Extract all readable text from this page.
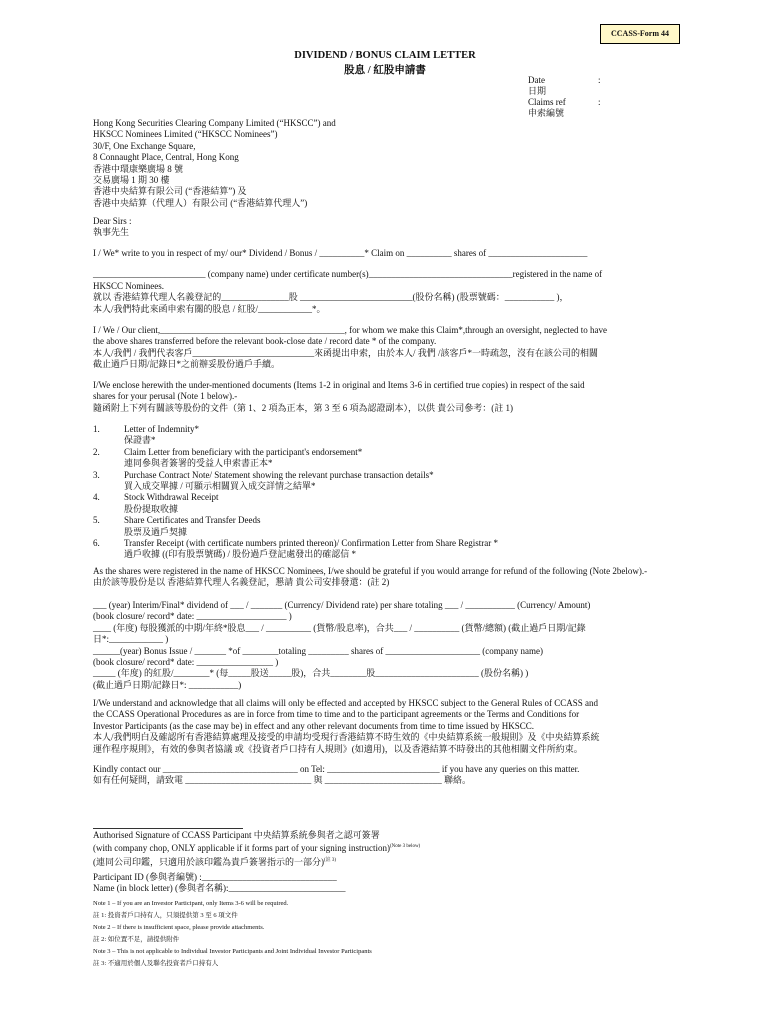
CCASS-Form 44
DIVIDEND / BONUS CLAIM LETTER
股息 / 紅股申請書
Date	:
日期
Claims ref	:
申索編號
Hong Kong Securities Clearing Company Limited (“HKSCC”) and
HKSCC Nominees Limited (“HKSCC Nominees”)
30/F, One Exchange Square,
8 Connaught Place, Central, Hong Kong
香港中環康樂廣場 8 號
交易廣場 1 期 30 樓
香港中央結算有限公司 (“香港結算”) 及
香港中央結算（代理人）有限公司 (“香港結算代理人”)
Dear Sirs :
執事先生
I / We* write to you in respect of my/ our* Dividend / Bonus / __________* Claim on __________ shares of ______________________
_________________________ (company name) under certificate number(s)________________________________registered in the name of
HKSCC Nominees.
就以 香港結算代理人名義登記的_______________股 _________________________(股份名稱) (股票號碼：___________ )，
本人/我們特此來函申索有關的股息 / 紅股/____________*。
I / We / Our client,_________________________________________, for whom we make this Claim*,through an oversight, neglected to have
the above shares transferred before the relevant book-close date / record date * of the company.
本人/我們 / 我們代表客戶___________________________來函提出申索，由於本人/ 我們 /該客戶*一時疏忽，沒有在該公司的相關
截止過戶日期/記錄日*之前辦妥股份過戶手續。
I/We enclose herewith the under-mentioned documents (Items 1-2 in original and Items 3-6 in certified true copies) in respect of the said
shares for your perusal (Note 1 below).-
隨函附上下列有關該等股份的文件（第 1、2 項為正本，第 3 至 6 項為認證副本），以供 貴公司參考：(註 1)
1.	Letter of Indemnity*
保證書*
2.	Claim Letter from beneficiary with the participant's endorsement*
連同參與者簽署的受益人申索書正本*
3.	Purchase Contract Note/ Statement showing the relevant purchase transaction details*
買入成交單據 / 可顯示相關買入成交詳情之結單*
4.	Stock Withdrawal Receipt
股份提取收據
5.	Share Certificates and Transfer Deeds
股票及過戶契據
6.	Transfer Receipt (with certificate numbers printed thereon)/ Confirmation Letter from Share Registrar *
過戶收據 ((印有股票號碼) / 股份過戶登記處發出的確認信 *
As the shares were registered in the name of HKSCC Nominees, I/we should be grateful if you would arrange for refund of the following (Note 2below).-
由於該等股份是以 香港結算代理人名義登記，懇請 貴公司安排發還：(註 2)
___ (year) Interim/Final* dividend of ___ / _______ (Currency/ Dividend rate) per share totaling ___ / ___________ (Currency/ Amount)
(book closure/ record* date: ____________________ )
____ (年度) 每股獲派的中期/年終*股息___ / __________ (貨幣/股息率)，合共___ / __________ (貨幣/總額) (截止過戶日期/記錄
日*:____________ )
______(year) Bonus Issue / _______ *of ________totaling _________ shares of _____________________ (company name)
(book closure/ record* date: _________________ )
_____ (年度) 的紅股/________* (每_____股送_____股)，合共________股_______________________ (股份名稱) )
(截止過戶日期/記錄日*: ___________)
I/We understand and acknowledge that all claims will only be effected and accepted by HKSCC subject to the General Rules of CCASS and
the CCASS Operational Procedures as are in force from time to time and to the participant agreements or the Terms and Conditions for
Investor Participants (as the case may be) in effect and any other relevant documents from time to time issued by HKSCC.
本人/我們明白及確認所有香港結算處理及接受的申請均受現行香港結算不時生效的《中央結算系統一般規則》及《中央結算系統
運作程序規則》，有效的參與者協議 或《投資者戶口持有人規則》(如適用)，以及香港結算不時發出的其他相關文件所約束。
Kindly contact our ______________________________ on Tel: _________________________ if you have any queries on this matter.
如有任何疑問，請致電 ____________________________ 與 __________________________ 聯絡。
Authorised Signature of CCASS Participant 中央結算系統參與者之認可簽署
(with company chop, ONLY applicable if it forms part of your signing instruction)$^{(Note 3 below)}$
(連同公司印鑑，只適用於該印鑑為貴戶簽署指示的一部分)$^{(註 3)}$
Participant ID (參與者編號) :______________________________
Name (in block letter) (參與者名稱):__________________________
Note 1 – If you are an Investor Participant, only Items 3-6 will be required.
註 1: 投資者戶口持有人，只須提供第 3 至 6 項文件
Note 2 – If there is insufficient space, please provide attachments.
註 2: 如位置不足，請提供附件
Note 3 – This is not applicable to Individual Investor Participants and Joint Individual Investor Participants
註 3: 不適用於個人及聯名投資者戶口持有人
